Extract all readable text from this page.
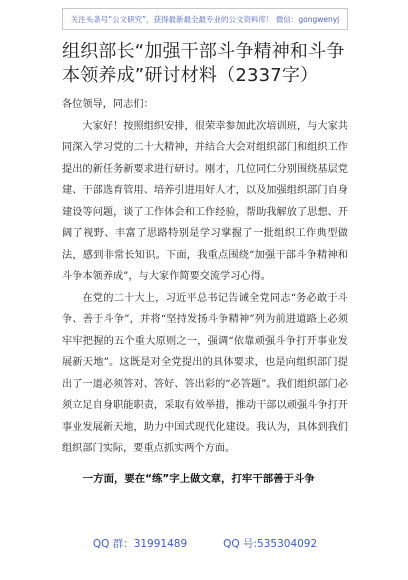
关注头条号“公文研究”，获得最新最全最专业的公文资料库！ 微信：gongwenyj
组织部长“加强干部斗争精神和斗争本领养成”研讨材料（2337字）

各位领导，同志们：

大家好！按照组织安排，很荣幸参加此次培训班，与大家共同深入学习党的二十大精神，并结合大会对组织部门和组织工作提出的新任务新要求进行研讨。刚才，几位同仁分别围绕基层党建、干部选育管用、培养引进用好人才，以及加强组织部门自身建设等问题，谈了工作体会和工作经验，帮助我解放了思想、开阔了视野、丰富了思路特别是学习掌握了一批组织工作典型做法，感到非常长知识。下面，我重点围绕“加强干部斗争精神和斗争本领养成”，与大家作简要交流学习心得。

在党的二十大上，习近平总书记告诫全党同志“务必敢于斗争、善于斗争”，并将“坚持发扬斗争精神”列为前进道路上必须牢牢把握的五个重大原则之一，强调“依靠顽强斗争打开事业发展新天地”。这既是对全党提出的具体要求，也是向组织部门提出了一道必须答对、答好、答出彩的“必答题”。我们组织部门必须立足自身职能职责，采取有效举措，推动干部以顽强斗争打开事业发展新天地，助力中国式现代化建设。我认为，具体到我们组织部门实际，要重点抓实两个方面。

一方面，要在“练”字上做文章，打牢干部善于斗争

QQ 群：31991489	QQ 号:535304092
